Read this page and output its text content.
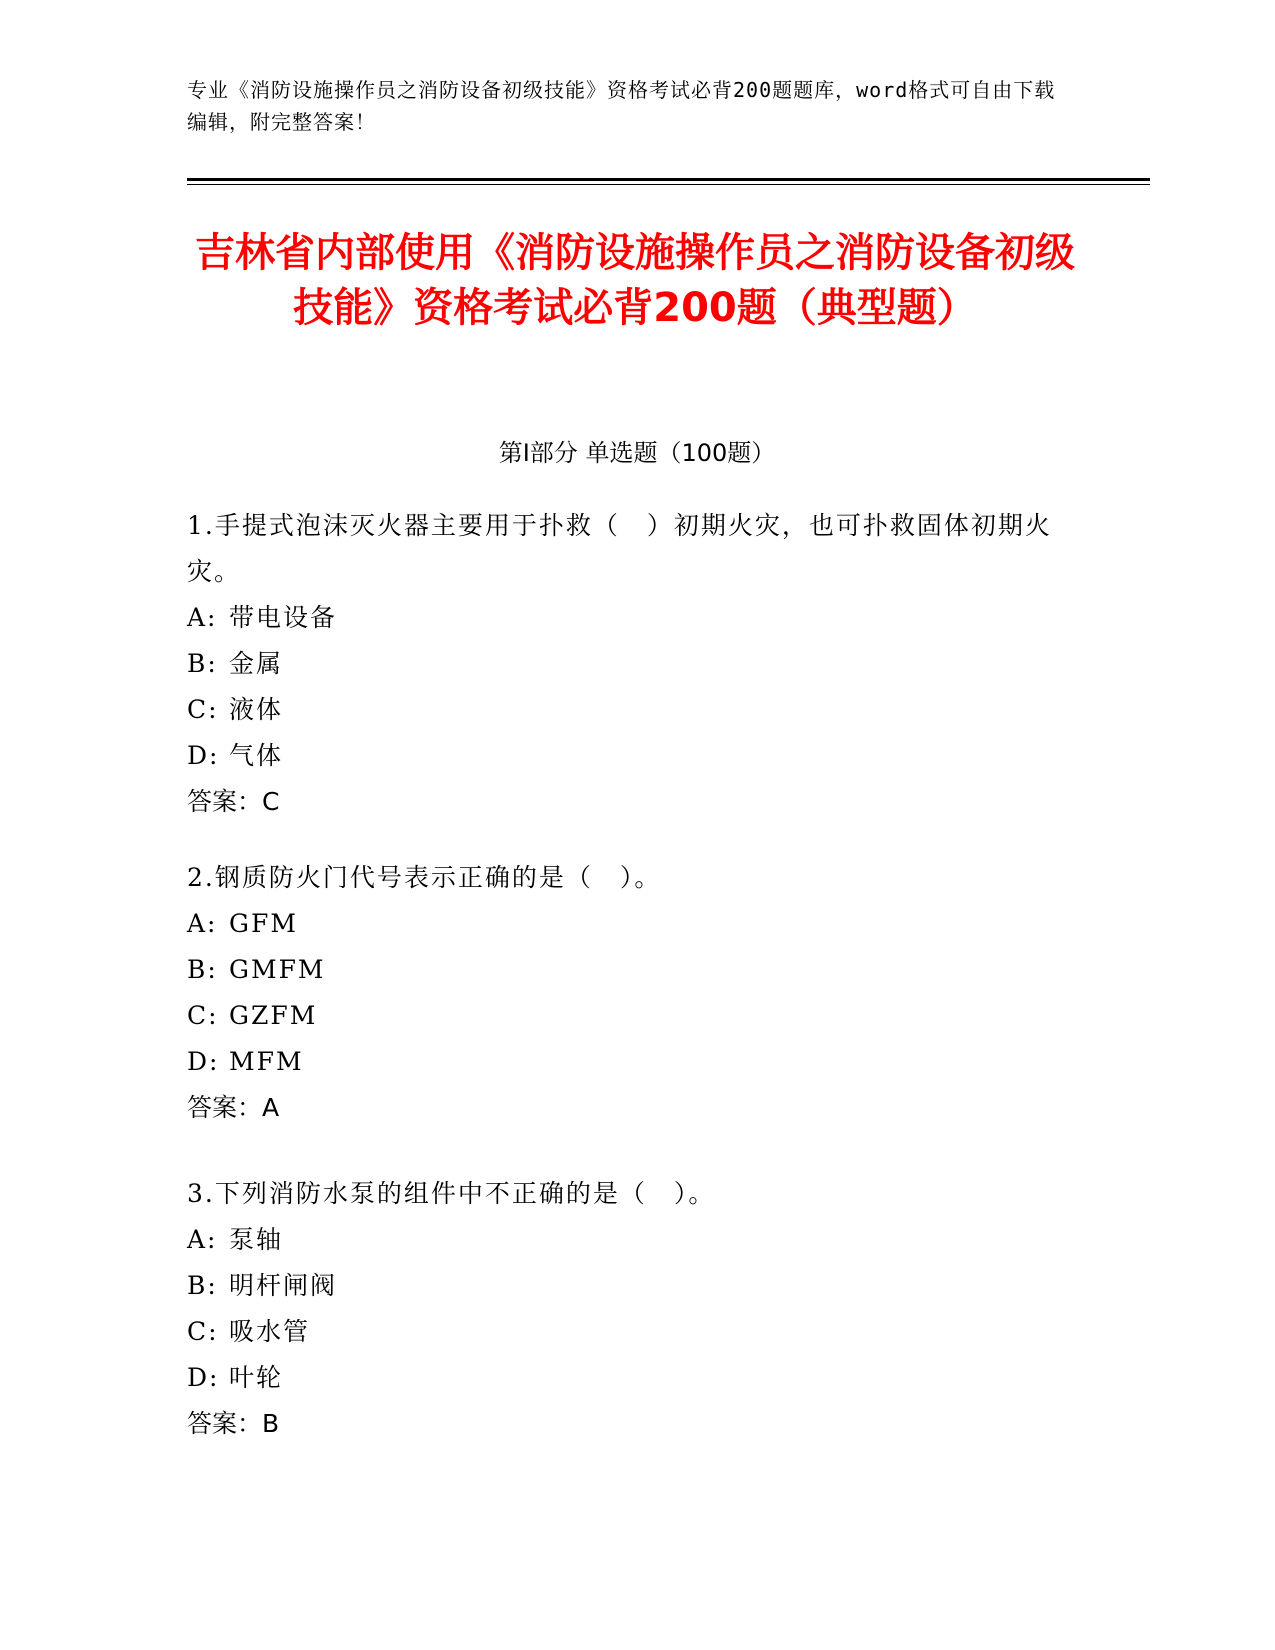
专业《消防设施操作员之消防设备初级技能》资格考试必背200题题库，word格式可自由下载编辑，附完整答案！
吉林省内部使用《消防设施操作员之消防设备初级技能》资格考试必背200题（典型题）
第Ⅰ部分 单选题（100题）
1.手提式泡沫灭火器主要用于扑救（　）初期火灾，也可扑救固体初期火灾。
A: 带电设备
B: 金属
C: 液体
D: 气体
答案：C
2.钢质防火门代号表示正确的是（　）。
A: GFM
B: GMFM
C: GZFM
D: MFM
答案：A
3.下列消防水泵的组件中不正确的是（　）。
A: 泵轴
B: 明杆闸阀
C: 吸水管
D: 叶轮
答案：B
